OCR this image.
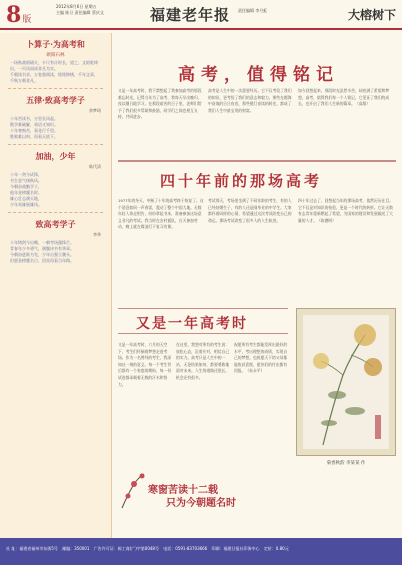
8版
2012年8月6日 星期五
主编 陈旦 责任编辑 蔡庆文	福建老年报 责任编辑 李月虹	大榕树下
卜算子·为高考和
欧阳石林

一场秋战烟硝火，卡尺有计时长，望之，文韬乾坤出，一页风雨成非凡为实。

千载读书求，万卷独阅读，铭铭锦绣，千年文章，千秋万载非凡。

五律·致高考学子
余梦琦

十年苦读书，万里长风起。

数学难破解，英语又知识。

十年寒窗苦，看花行千里。

胜败难以料，再看天底下。

加油，少年
陈代清

十年一剑今试锋，

书生意气扬秋风。

今朝奋战勤学子，

他年金榜题名时。

雄心壮志满天地，

少年英雄展雄风。

致高考学子
李华

十年铸剑今出鞘，一朝考场露锋芒。

青春年少多勇气，满腹诗书有华章。

今朝奋进谁为先，少年自强立潮头。

但愿金榜题名日，回首再看当年路。

高考，值得铭记
又是一年高考时，我不禁想起了我参加高考的那段难忘时光。记得当年为了高考，我每天早出晚归，夜以继日地学习。在那段艰苦的日子里，老师们给予了我们很多帮助和鼓励，同学们之间也相互支持，共同进步。
高考是人生中的一次重要经历。它不仅考验了我们的知识，更考验了我们的意志和毅力。那些在题海中奋战的日日夜夜，那些挑灯夜读的时光，都成了我们人生中最宝贵的财富。
如今回想起来，那段时光虽然辛苦，却充满了希望和梦想。高考，值得我们每一个人铭记，它见证了我们的成长，也开启了我们人生新的篇章。（高翔）
四十年前的那场高考
1977年的冬天，中断了十年的高考终于恢复了。这个消息如同一声春雷，震动了整个中国大地。无数年轻人奔走相告，纷纷拿起书本，准备参加这场意义非凡的考试。我当时在农村插队，白天参加劳动，晚上就在煤油灯下复习功课。
考试那天，考场里坐满了不同年龄的考生，有的人已经结婚生子，有的人还是刚毕业的中学生。大家都怀着同样的心情，希望通过这次考试改变自己的命运。那场考试改变了很多人的人生轨迹。
四十年过去了，回想起当年的那场高考，依然历历在目。它不仅是对知识的检验，更是一个时代的转折。它让无数有志青年重新燃起了希望，为国家的建设和发展输送了大量的人才。（陈德明）
又是一年高考时
又是一年高考时，六月的天空下，考生们怀揣着梦想走进考场。作为一名曾经的考生，我深知这一刻的意义。每一个考生背后都有一个家庭的期盼，每一份试卷都承载着无数的汗水和努力。
在这里，我想对所有的考生说：放松心态，沉着应对，相信自己的实力。高考只是人生中的一站，无论结果如何，都要勇敢地面对未来。人生的道路还很长，机会还有很多。
祝愿所有考生都能发挥出最好的水平，考出理想的成绩，实现自己的梦想。也祝愿天下的父母都能收获喜悦，愿你们的付出都有回报。（朱永平）
菊香秋韵 李某某 作
寒窗苦读十二载
只为今朝题名时
社 址：福建省福州市东街5号 邮编：350001 广告许可证：闽工商(广)字第0048号 电话：0591-83703666 印刷：福建日报社印务中心 定价：0.80元
